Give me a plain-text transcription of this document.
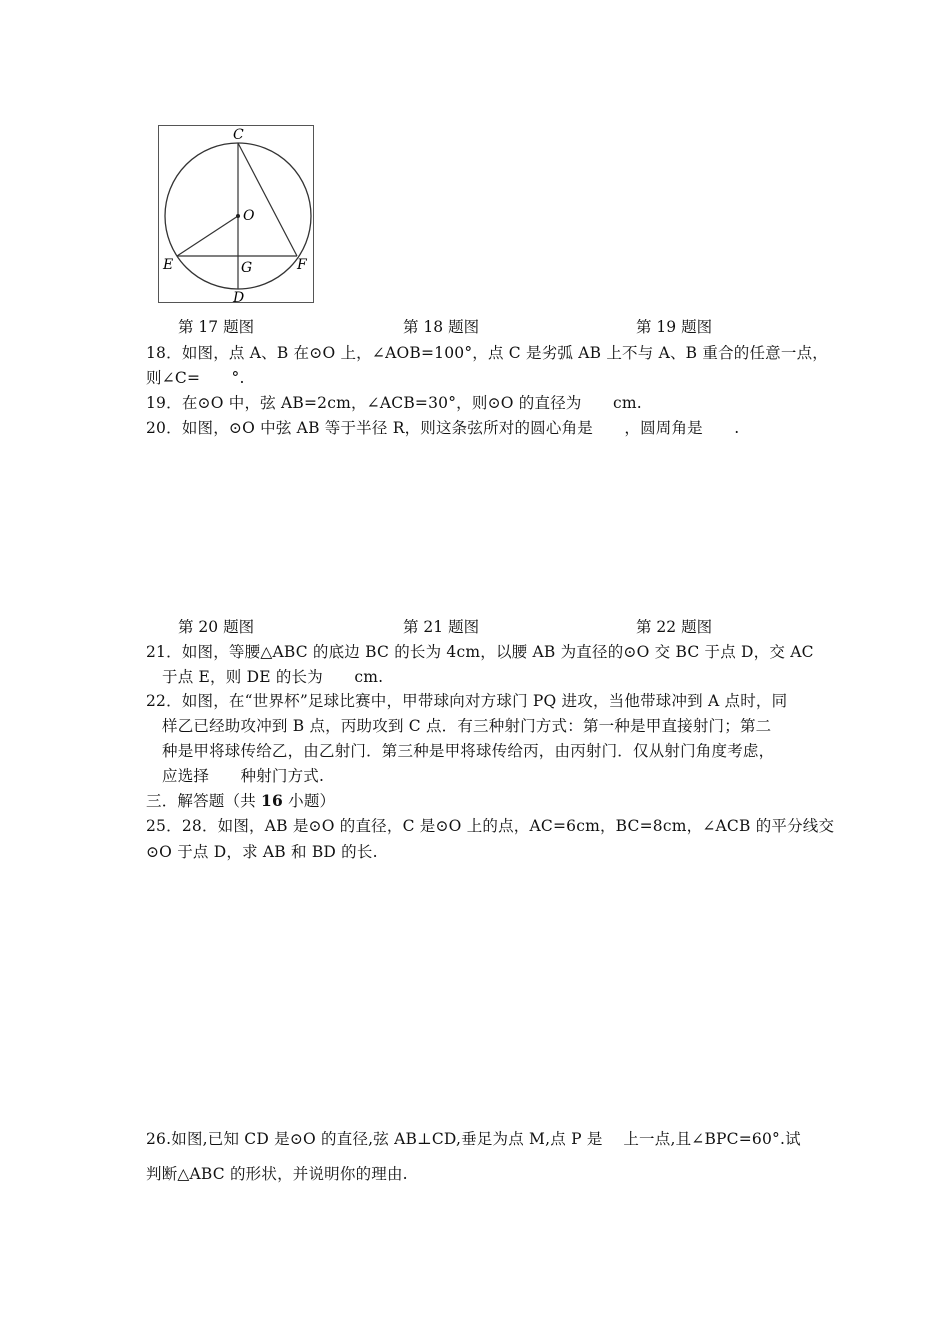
C
O
E	G	F
D
第 17 题图	第 18 题图	第 19 题图
18．如图，点 A、B 在⊙O 上，∠AOB=100°，点 C 是劣弧 AB 上不与 A、B 重合的任意一点，
则∠C=　　°.
19．在⊙O 中，弦 AB=2cm，∠ACB=30°，则⊙O 的直径为　　cm.
20．如图，⊙O 中弦 AB 等于半径 R，则这条弦所对的圆心角是　　，圆周角是　　.
第 20 题图	第 21 题图	第 22 题图
21．如图，等腰△ABC 的底边 BC 的长为 4cm，以腰 AB 为直径的⊙O 交 BC 于点 D，交 AC
于点 E，则 DE 的长为　　cm.
22．如图，在“世界杯”足球比赛中，甲带球向对方球门 PQ 进攻，当他带球冲到 A 点时，同
样乙已经助攻冲到 B 点，丙助攻到 C 点．有三种射门方式：第一种是甲直接射门；第二
种是甲将球传给乙，由乙射门．第三种是甲将球传给丙，由丙射门．仅从射门角度考虑，
应选择　　种射门方式.
三．解答题（共 16 小题）
25．28．如图，AB 是⊙O 的直径，C 是⊙O 上的点，AC=6cm，BC=8cm，∠ACB 的平分线交
⊙O 于点 D，求 AB 和 BD 的长.
26.如图,已知 CD 是⊙O 的直径,弦 AB⊥CD,垂足为点 M,点 P 是　 上一点,且∠BPC=60°.试
判断△ABC 的形状，并说明你的理由.
